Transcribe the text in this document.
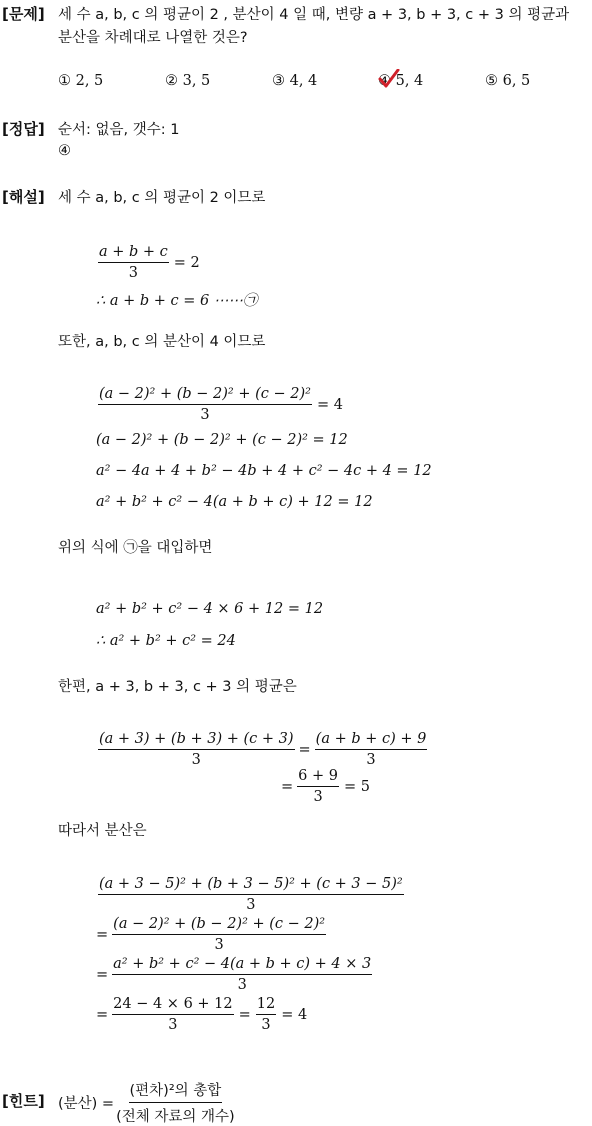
[문제] 세 수 a, b, c 의 평균이 2 , 분산이 4 일 때, 변량 a + 3, b + 3, c + 3 의 평균과
분산을 차례대로 나열한 것은?
① 2, 5	② 3, 5	③ 4, 4	④ 5, 4	⑤ 6, 5
[정답] 순서: 없음, 갯수: 1
④
[해설] 세 수 a, b, c 의 평균이 2 이므로
$\frac{a + b + c}{3} = 2$
∴ a + b + c = 6 ⋯⋯㉠
또한, a, b, c 의 분산이 4 이므로
$\frac{\text{(a − 2)² + (b − 2)² + (c − 2)²}}{3} = 4$
(a − 2)² + (b − 2)² + (c − 2)² = 12
a² − 4a + 4 + b² − 4b + 4 + c² − 4c + 4 = 12
a² + b² + c² − 4(a + b + c) + 12 = 12
위의 식에 ㉠을 대입하면
a² + b² + c² − 4 × 6 + 12 = 12
∴ a² + b² + c² = 24
한편, a + 3, b + 3, c + 3 의 평균은
$\frac{(a + 3) + (b + 3) + (c + 3)}{3} = \frac{(a + b + c) + 9}{3}$
= $\frac{6 + 9}{3} = 5$
따라서 분산은
$\frac{\text{(a + 3 − 5)² + (b + 3 − 5)² + (c + 3 − 5)²}}{3}$
= $\frac{\text{(a − 2)² + (b − 2)² + (c − 2)²}}{3}$
= $\frac{\text{a² + b² + c² − 4(a + b + c) + 4 × 3}}{3}$
= $\frac{24 - 4 \times 6 + 12}{3} = \frac{12}{3} = 4$
[힌트] (분산) = $\frac{\text{(편차)²의 총합}}{\text{(전체 자료의 개수)}}$
